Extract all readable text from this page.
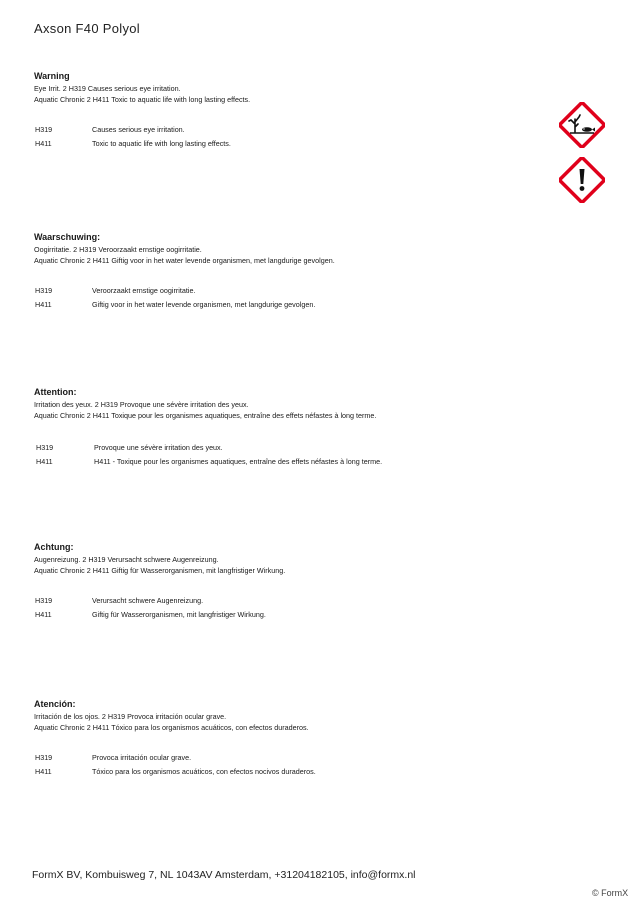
Axson F40 Polyol
Warning
Eye Irrit. 2 H319 Causes serious eye irritation.
Aquatic Chronic 2 H411 Toxic to aquatic life with long lasting effects.
H319	Causes serious eye irritation.
H411	Toxic to aquatic life with long lasting effects.
Waarschuwing:
Oogirritatie. 2 H319 Veroorzaakt ernstige oogirritatie.
Aquatic Chronic 2 H411 Giftig voor in het water levende organismen, met langdurige gevolgen.
H319	Veroorzaakt ernstige oogirritatie.
H411	Giftig voor in het water levende organismen, met langdurige gevolgen.
Attention:
Irritation des yeux. 2 H319 Provoque une sévère irritation des yeux.
Aquatic Chronic 2 H411 Toxique pour les organismes aquatiques, entraîne des effets néfastes à long terme.
H319	Provoque une sévère irritation des yeux.
H411	H411 - Toxique pour les organismes aquatiques, entraîne des effets néfastes à long terme.
Achtung:
Augenreizung. 2 H319 Verursacht schwere Augenreizung.
Aquatic Chronic 2 H411 Giftig für Wasserorganismen, mit langfristiger Wirkung.
H319	Verursacht schwere Augenreizung.
H411	Giftig für Wasserorganismen, mit langfristiger Wirkung.
Atención:
Irritación de los ojos. 2 H319 Provoca irritación ocular grave.
Aquatic Chronic 2 H411 Tóxico para los organismos acuáticos, con efectos duraderos.
H319	Provoca irritación ocular grave.
H411	Tóxico para los organismos acuáticos, con efectos nocivos duraderos.
FormX BV, Kombuisweg 7, NL 1043AV Amsterdam, +31204182105, info@formx.nl
© FormX
